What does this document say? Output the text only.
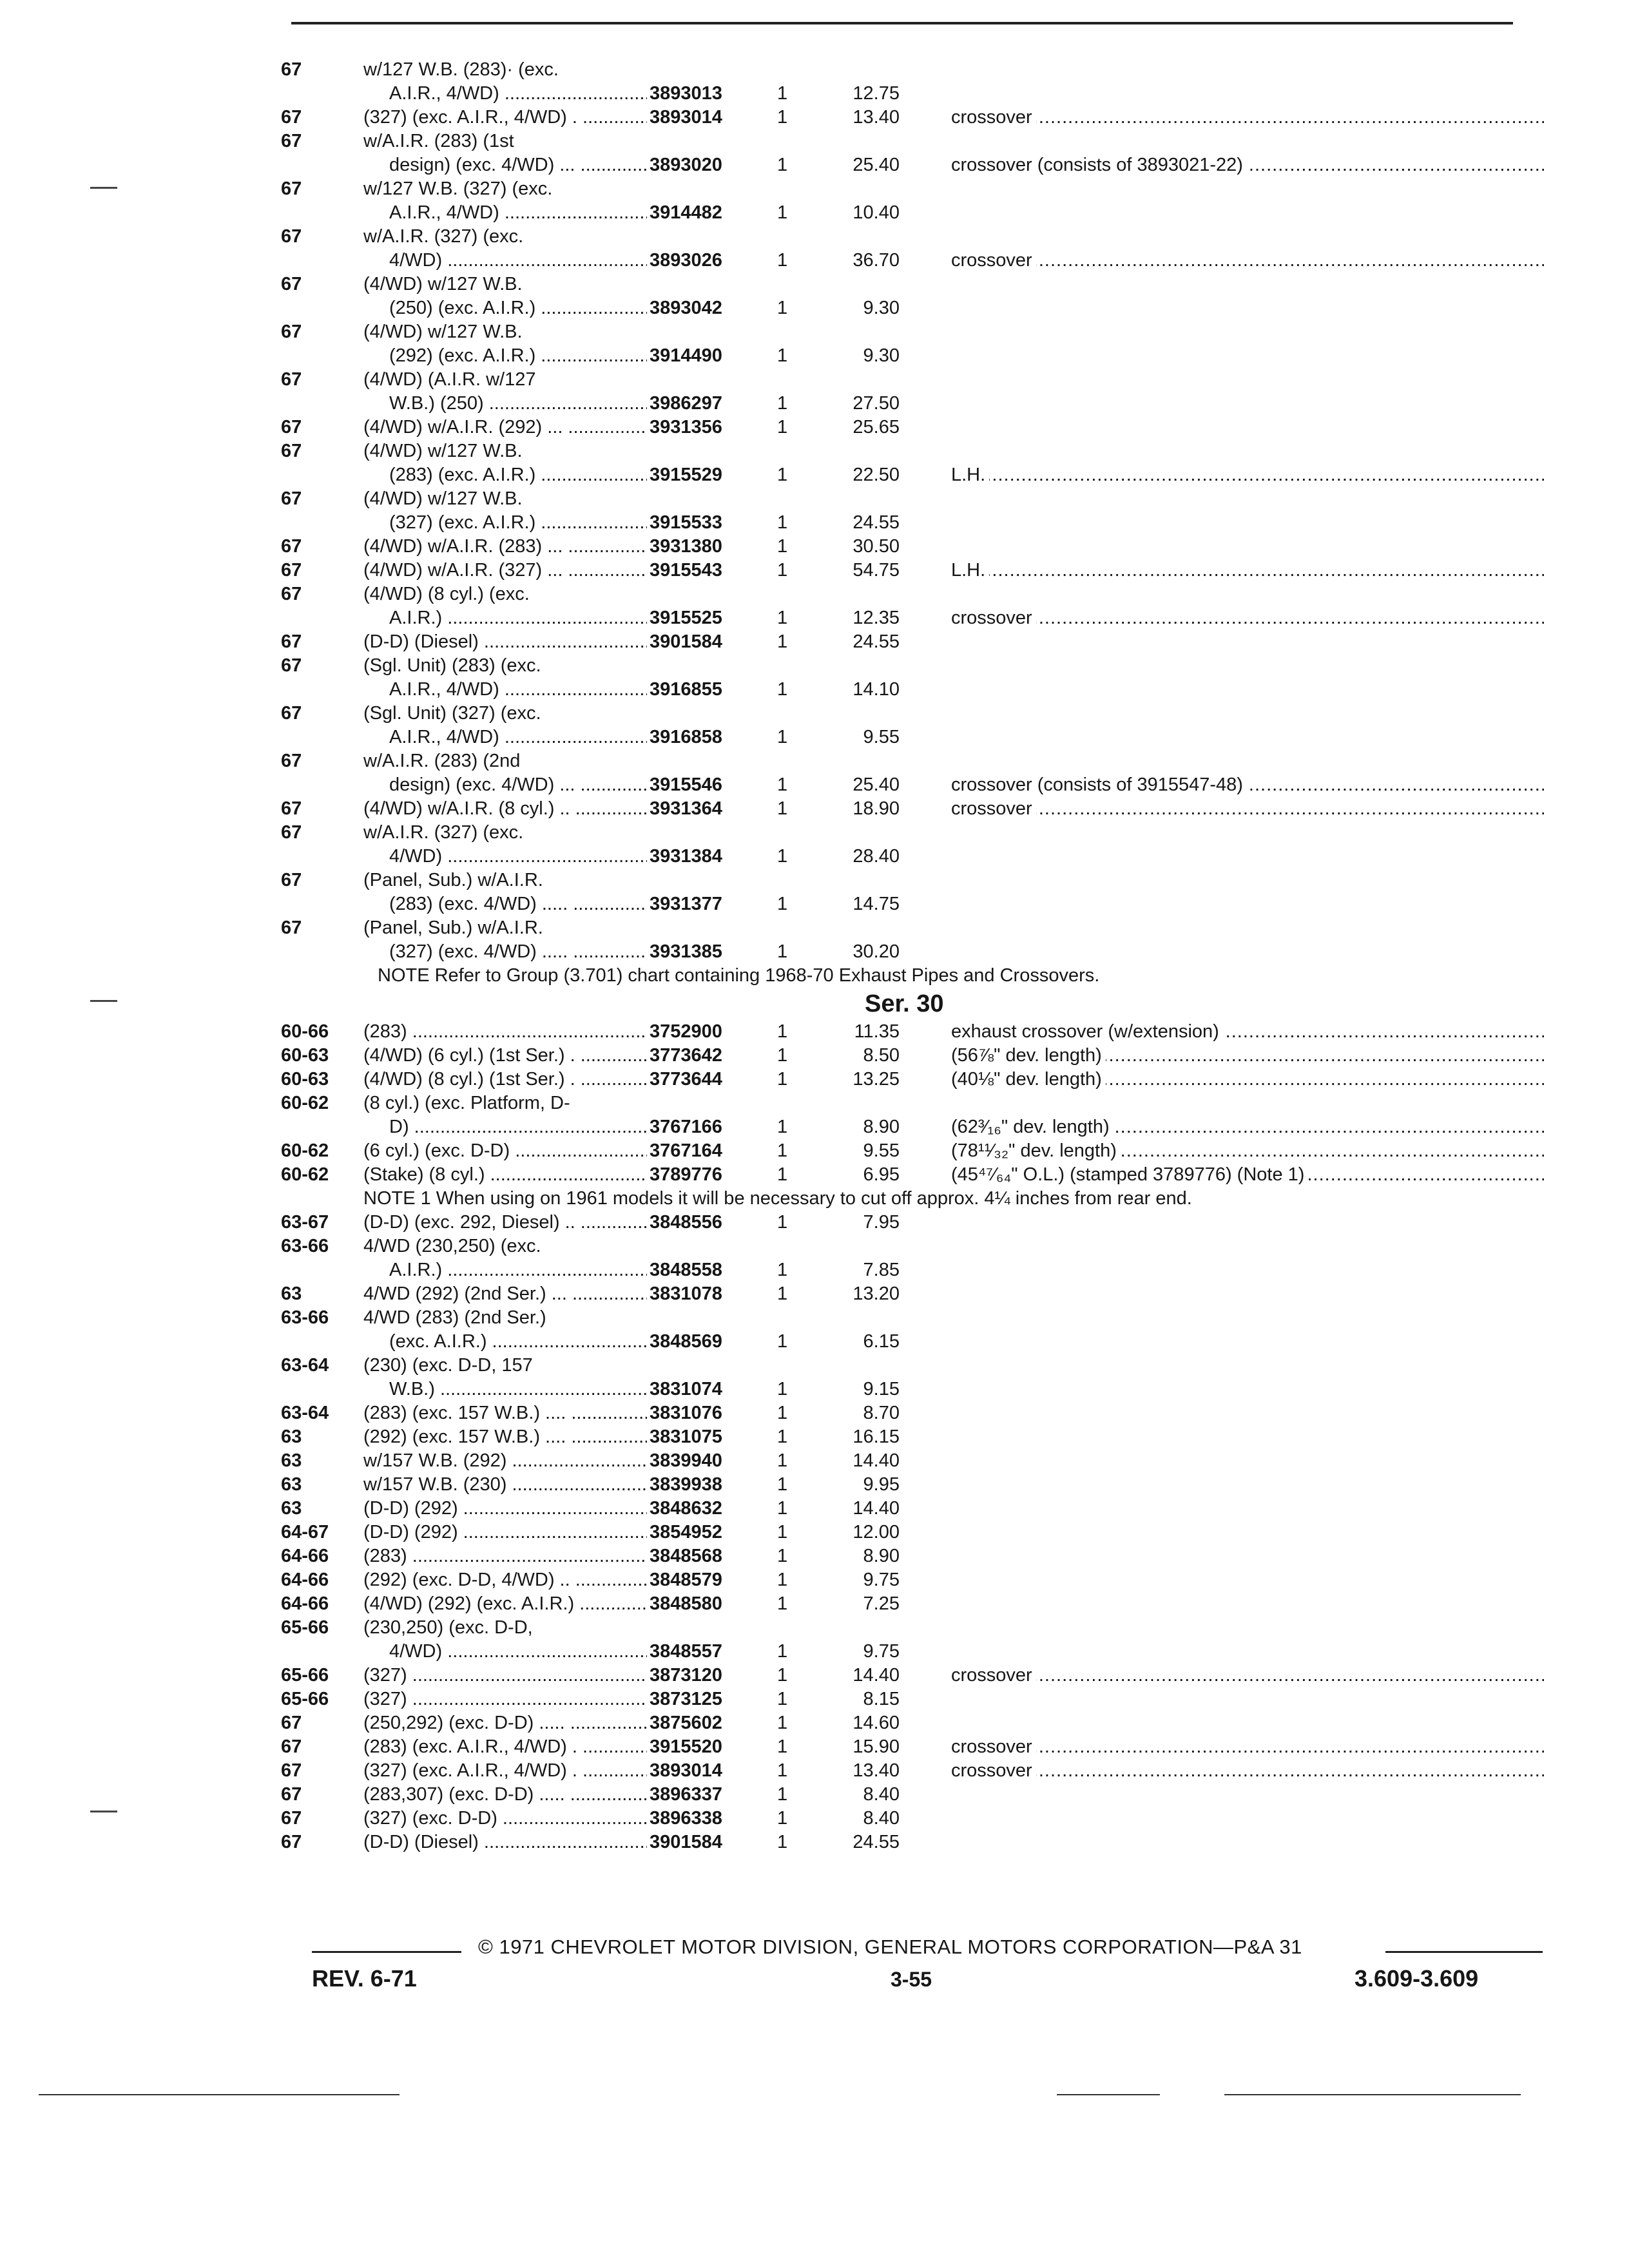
67	w/127 W.B. (283)· (exc.
A.I.R., 4/WD) .....	3893013	1	12.75
67	(327) (exc. A.I.R., 4/WD) . .....	3893014	1	13.40	crossover .....
67	w/A.I.R. (283) (1st
design) (exc. 4/WD) ... .....	3893020	1	25.40	crossover (consists of 3893021-22) .....
67	w/127 W.B. (327) (exc.
A.I.R., 4/WD) .....	3914482	1	10.40
67	w/A.I.R. (327) (exc.
4/WD) .....	3893026	1	36.70	crossover .....
67	(4/WD) w/127 W.B.
(250) (exc. A.I.R.) .....	3893042	1	9.30
67	(4/WD) w/127 W.B.
(292) (exc. A.I.R.) .....	3914490	1	9.30
67	(4/WD) (A.I.R. w/127
W.B.) (250) .....	3986297	1	27.50
67	(4/WD) w/A.I.R. (292) ... .....	3931356	1	25.65
67	(4/WD) w/127 W.B.
(283) (exc. A.I.R.) .....	3915529	1	22.50	L.H. .....
67	(4/WD) w/127 W.B.
(327) (exc. A.I.R.) .....	3915533	1	24.55
67	(4/WD) w/A.I.R. (283) ... .....	3931380	1	30.50
67	(4/WD) w/A.I.R. (327) ... .....	3915543	1	54.75	L.H. .....
67	(4/WD) (8 cyl.) (exc.
A.I.R.) .....	3915525	1	12.35	crossover .....
67	(D-D) (Diesel) .....	3901584	1	24.55
67	(Sgl. Unit) (283) (exc.
A.I.R., 4/WD) .....	3916855	1	14.10
67	(Sgl. Unit) (327) (exc.
A.I.R., 4/WD) .....	3916858	1	9.55
67	w/A.I.R. (283) (2nd
design) (exc. 4/WD) ... .....	3915546	1	25.40	crossover (consists of 3915547-48) .....
67	(4/WD) w/A.I.R. (8 cyl.) .. .....	3931364	1	18.90	crossover .....
67	w/A.I.R. (327) (exc.
4/WD) .....	3931384	1	28.40
67	(Panel, Sub.) w/A.I.R.
(283) (exc. 4/WD) ..... .....	3931377	1	14.75
67	(Panel, Sub.) w/A.I.R.
(327) (exc. 4/WD) ..... .....	3931385	1	30.20
NOTE Refer to Group (3.701) chart containing 1968-70 Exhaust Pipes and Crossovers.
Ser. 30
60-66	(283) .....	3752900	1	11.35	exhaust crossover (w/extension) .....
60-63	(4/WD) (6 cyl.) (1st Ser.) . .....	3773642	1	8.50	(56⅞" dev. length) .....
60-63	(4/WD) (8 cyl.) (1st Ser.) . .....	3773644	1	13.25	(40⅛" dev. length) .....
60-62	(8 cyl.) (exc. Platform, D-
D) .....	3767166	1	8.90	(62³⁄₁₆" dev. length) .....
60-62	(6 cyl.) (exc. D-D) .....	3767164	1	9.55	(78¹¹⁄₃₂" dev. length) .....
60-62	(Stake) (8 cyl.) .....	3789776	1	6.95	(45⁴⁷⁄₆₄" O.L.) (stamped 3789776) (Note 1) .....
NOTE 1 When using on 1961 models it will be necessary to cut off approx. 4¼ inches from rear end.
63-67	(D-D) (exc. 292, Diesel) .. .....	3848556	1	7.95
63-66	4/WD (230,250) (exc.
A.I.R.) .....	3848558	1	7.85
63	4/WD (292) (2nd Ser.) ... .....	3831078	1	13.20
63-66	4/WD (283) (2nd Ser.)
(exc. A.I.R.) .....	3848569	1	6.15
63-64	(230) (exc. D-D, 157
W.B.) .....	3831074	1	9.15
63-64	(283) (exc. 157 W.B.) .... .....	3831076	1	8.70
63	(292) (exc. 157 W.B.) .... .....	3831075	1	16.15
63	w/157 W.B. (292) .....	3839940	1	14.40
63	w/157 W.B. (230) .....	3839938	1	9.95
63	(D-D) (292) .....	3848632	1	14.40
64-67	(D-D) (292) .....	3854952	1	12.00
64-66	(283) .....	3848568	1	8.90
64-66	(292) (exc. D-D, 4/WD) .. .....	3848579	1	9.75
64-66	(4/WD) (292) (exc. A.I.R.) .....	3848580	1	7.25
65-66	(230,250) (exc. D-D,
4/WD) .....	3848557	1	9.75
65-66	(327) .....	3873120	1	14.40	crossover .....
65-66	(327) .....	3873125	1	8.15
67	(250,292) (exc. D-D) ..... .....	3875602	1	14.60
67	(283) (exc. A.I.R., 4/WD) . .....	3915520	1	15.90	crossover .....
67	(327) (exc. A.I.R., 4/WD) . .....	3893014	1	13.40	crossover .....
67	(283,307) (exc. D-D) ..... .....	3896337	1	8.40
67	(327) (exc. D-D) .....	3896338	1	8.40
67	(D-D) (Diesel) .....	3901584	1	24.55
© 1971 CHEVROLET MOTOR DIVISION, GENERAL MOTORS CORPORATION—P&A 31
REV. 6-71	3-55	3.609-3.609
